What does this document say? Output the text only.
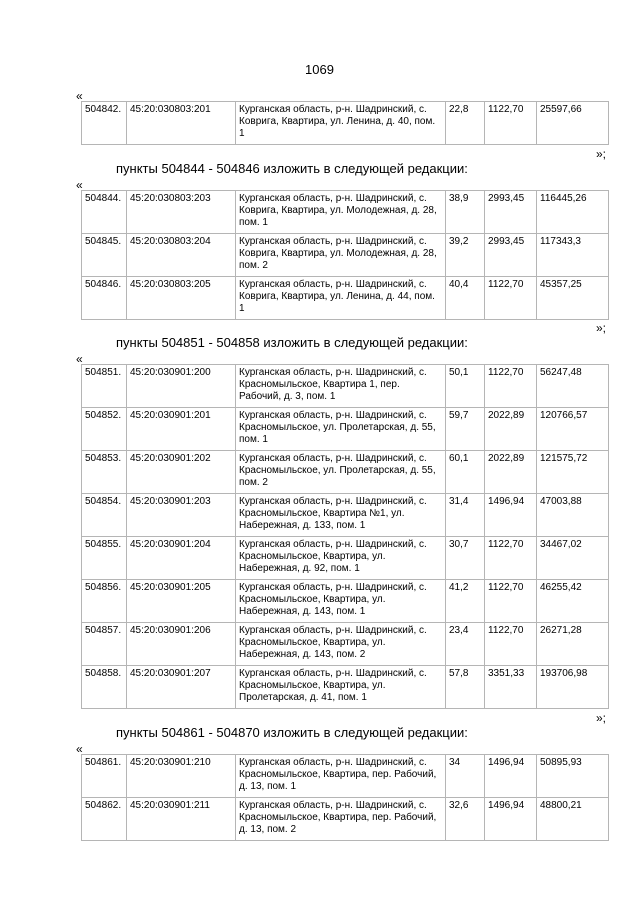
1069
«
504842.	45:20:030803:201	Курганская область, р-н. Шадринский, с. Ковригa, Квартира, ул. Ленина, д. 40, пом. 1	22,8	1122,70	25597,66
»;
пункты 504844 - 504846 изложить в следующей редакции:
«
504844.	45:20:030803:203	Курганская область, р-н. Шадринский, с. Коврига, Квартира, ул. Молодежная, д. 28, пом. 1	38,9	2993,45	116445,26
504845.	45:20:030803:204	Курганская область, р-н. Шадринский, с. Коврига, Квартира, ул. Молодежная, д. 28, пом. 2	39,2	2993,45	117343,3
504846.	45:20:030803:205	Курганская область, р-н. Шадринский, с. Коврига, Квартира, ул. Ленина, д. 44, пом. 1	40,4	1122,70	45357,25
»;
пункты 504851 - 504858 изложить в следующей редакции:
«
504851.	45:20:030901:200	Курганская область, р-н. Шадринский, с. Красномыльское, Квартира 1, пер. Рабочий, д. 3, пом. 1	50,1	1122,70	56247,48
504852.	45:20:030901:201	Курганская область, р-н. Шадринский, с. Красномыльское, ул. Пролетарская, д. 55, пом. 1	59,7	2022,89	120766,57
504853.	45:20:030901:202	Курганская область, р-н. Шадринский, с. Красномыльское, ул. Пролетарская, д. 55, пом. 2	60,1	2022,89	121575,72
504854.	45:20:030901:203	Курганская область, р-н. Шадринский, с. Красномыльское, Квартира №1, ул. Набережная, д. 133, пом. 1	31,4	1496,94	47003,88
504855.	45:20:030901:204	Курганская область, р-н. Шадринский, с. Красномыльское, Квартира, ул. Набережная, д. 92, пом. 1	30,7	1122,70	34467,02
504856.	45:20:030901:205	Курганская область, р-н. Шадринский, с. Красномыльское, Квартира, ул. Набережная, д. 143, пом. 1	41,2	1122,70	46255,42
504857.	45:20:030901:206	Курганская область, р-н. Шадринский, с. Красномыльское, Квартира, ул. Набережная, д. 143, пом. 2	23,4	1122,70	26271,28
504858.	45:20:030901:207	Курганская область, р-н. Шадринский, с. Красномыльское, Квартира, ул. Пролетарская, д. 41, пом. 1	57,8	3351,33	193706,98
»;
пункты 504861 - 504870 изложить в следующей редакции:
«
504861.	45:20:030901:210	Курганская область, р-н. Шадринский, с. Красномыльское, Квартира, пер. Рабочий, д. 13, пом. 1	34	1496,94	50895,93
504862.	45:20:030901:211	Курганская область, р-н. Шадринский, с. Красномыльское, Квартира, пер. Рабочий, д. 13, пом. 2	32,6	1496,94	48800,21
